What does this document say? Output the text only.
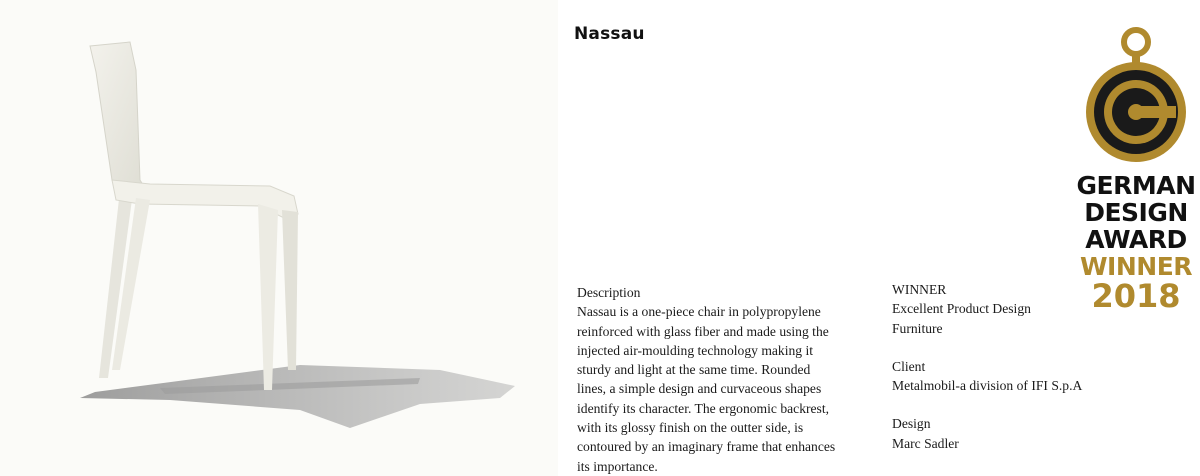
Nassau
Description
Nassau is a one-piece chair in polypropylene
reinforced with glass fiber and made using the
injected air-moulding technology making it
sturdy and light at the same time. Rounded
lines, a simple design and curvaceous shapes
identify its character. The ergonomic backrest,
with its glossy finish on the outter side, is
contoured by an imaginary frame that enhances
its importance.
WINNER
Excellent Product Design
Furniture
Client
Metalmobil-a division of IFI S.p.A
Design
Marc Sadler
GERMAN
DESIGN
AWARD
WINNER
2018
